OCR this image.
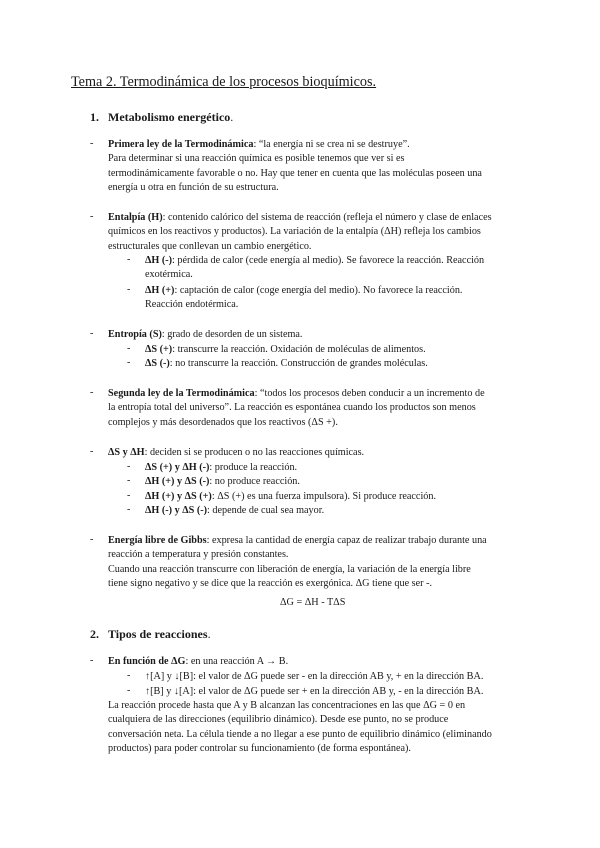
Tema 2. Termodinámica de los procesos bioquímicos.
1. Metabolismo energético.
- Primera ley de la Termodinámica: “la energía ni se crea ni se destruye”.
Para determinar si una reacción química es posible tenemos que ver si es
termodinámicamente favorable o no. Hay que tener en cuenta que las moléculas poseen una
energía u otra en función de su estructura.
- Entalpía (H): contenido calórico del sistema de reacción (refleja el número y clase de enlaces
químicos en los reactivos y productos). La variación de la entalpía (ΔH) refleja los cambios
estructurales que conllevan un cambio energético.
- ΔH (-): pérdida de calor (cede energía al medio). Se favorece la reacción. Reacción
exotérmica.
- ΔH (+): captación de calor (coge energía del medio). No favorece la reacción.
Reacción endotérmica.
- Entropía (S): grado de desorden de un sistema.
- ΔS (+): transcurre la reacción. Oxidación de moléculas de alimentos.
- ΔS (-): no transcurre la reacción. Construcción de grandes moléculas.
- Segunda ley de la Termodinámica: “todos los procesos deben conducir a un incremento de
la entropía total del universo”. La reacción es espontánea cuando los productos son menos
complejos y más desordenados que los reactivos (ΔS +).
- ΔS y ΔH: deciden si se producen o no las reacciones químicas.
- ΔS (+) y ΔH (-): produce la reacción.
- ΔH (+) y ΔS (-): no produce reacción.
- ΔH (+) y ΔS (+): ΔS (+) es una fuerza impulsora). Si produce reacción.
- ΔH (-) y ΔS (-): depende de cual sea mayor.
- Energía libre de Gibbs: expresa la cantidad de energía capaz de realizar trabajo durante una
reacción a temperatura y presión constantes.
Cuando una reacción transcurre con liberación de energía, la variación de la energía libre
tiene signo negativo y se dice que la reacción es exergónica. ΔG tiene que ser -.
ΔG = ΔH - TΔS
2. Tipos de reacciones.
- En función de ΔG: en una reacción A → B.
- ↑[A] y ↓[B]: el valor de ΔG puede ser - en la dirección AB y, + en la dirección BA.
- ↑[B] y ↓[A]: el valor de ΔG puede ser + en la dirección AB y, - en la dirección BA.
La reacción procede hasta que A y B alcanzan las concentraciones en las que ΔG = 0 en
cualquiera de las direcciones (equilibrio dinámico). Desde ese punto, no se produce
conversación neta. La célula tiende a no llegar a ese punto de equilibrio dinámico (eliminando
productos) para poder controlar su funcionamiento (de forma espontánea).
